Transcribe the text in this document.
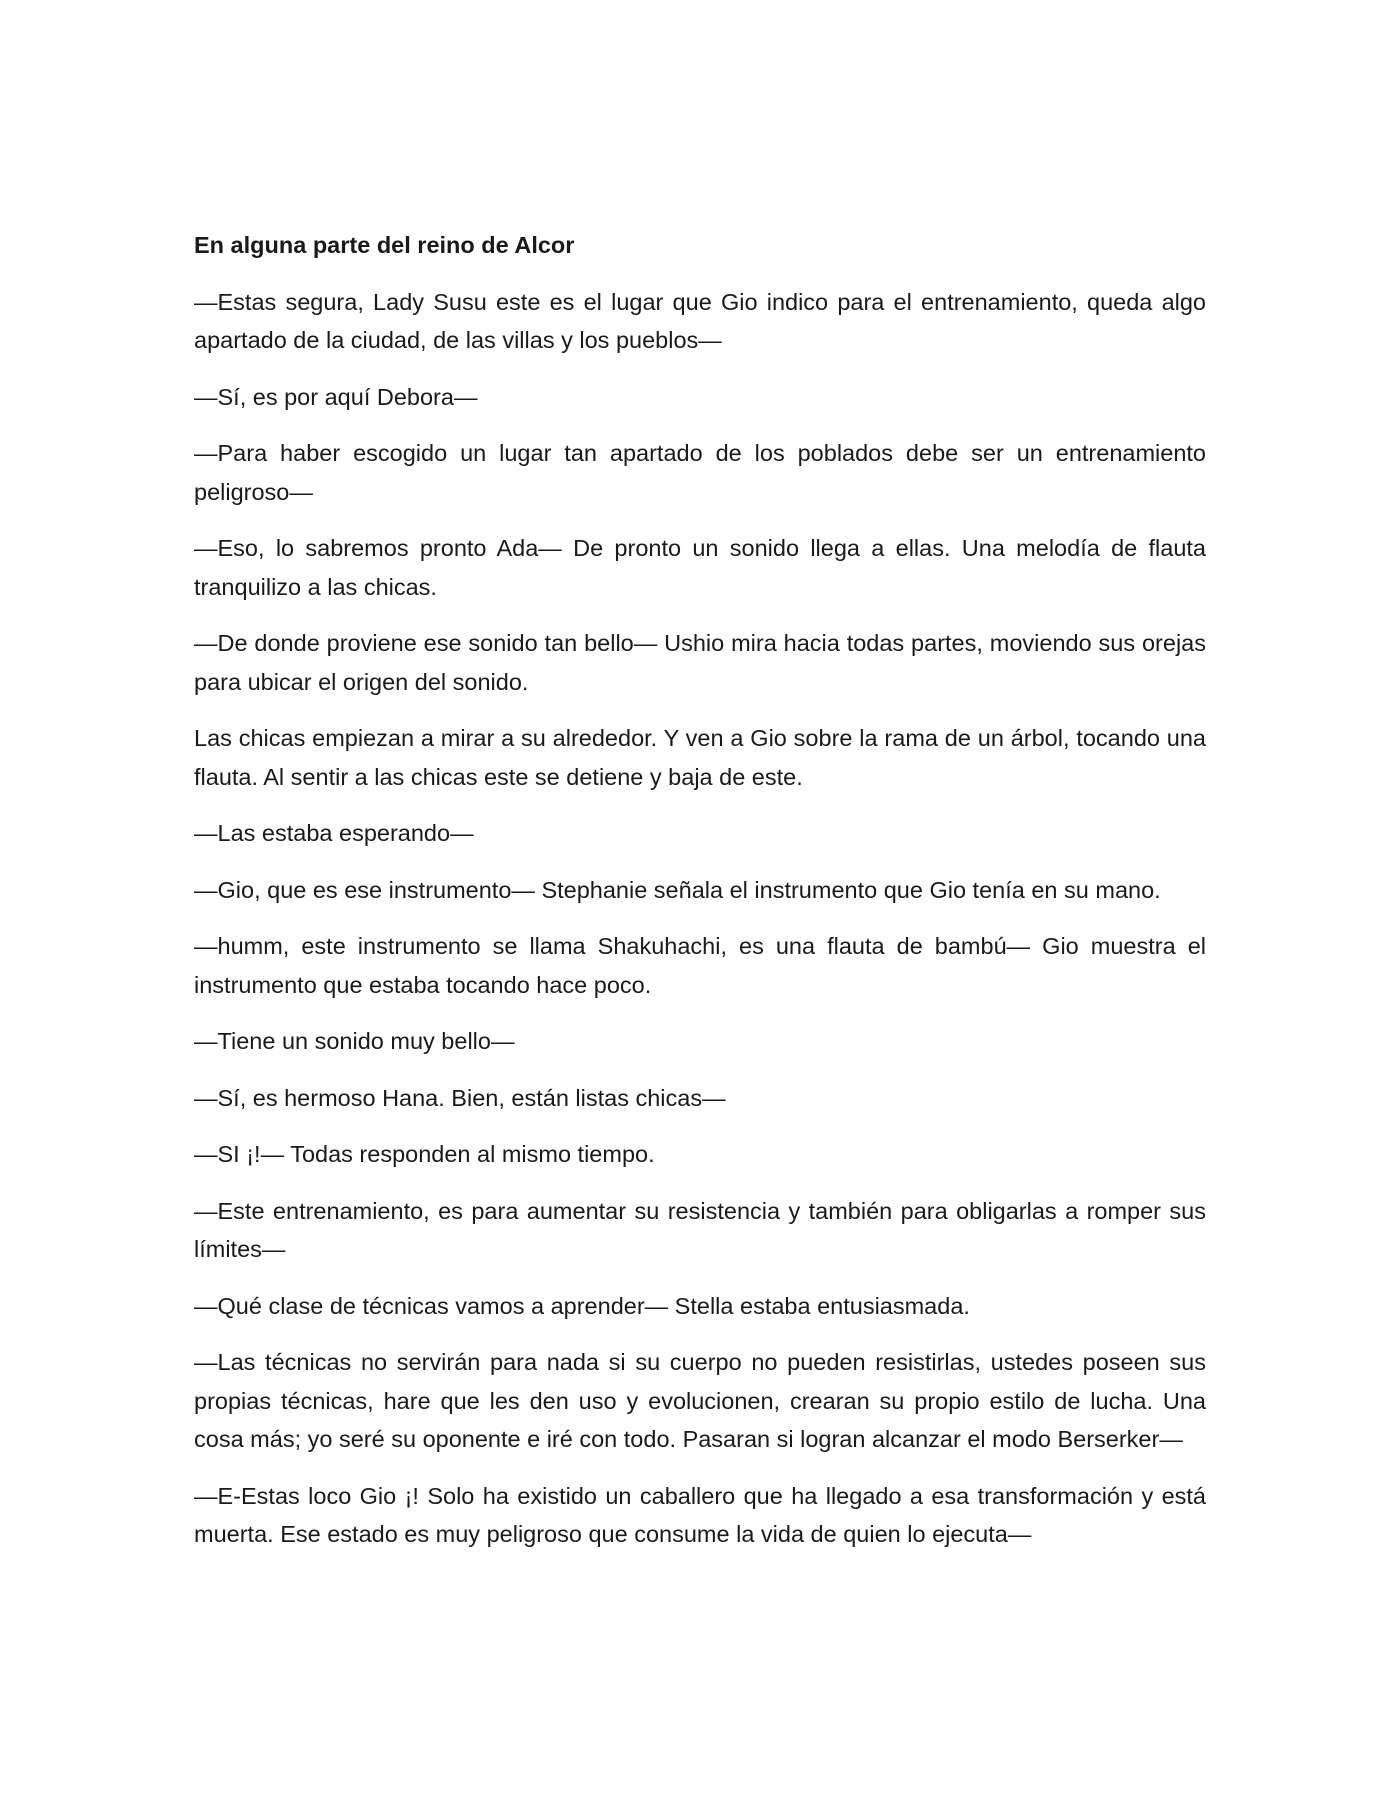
En alguna parte del reino de Alcor

—Estas segura, Lady Susu este es el lugar que Gio indico para el entrenamiento, queda algo apartado de la ciudad, de las villas y los pueblos—

—Sí, es por aquí Debora—

—Para haber escogido un lugar tan apartado de los poblados debe ser un entrenamiento peligroso—

—Eso, lo sabremos pronto Ada— De pronto un sonido llega a ellas. Una melodía de flauta tranquilizo a las chicas.

—De donde proviene ese sonido tan bello— Ushio mira hacia todas partes, moviendo sus orejas para ubicar el origen del sonido.

Las chicas empiezan a mirar a su alrededor. Y ven a Gio sobre la rama de un árbol, tocando una flauta. Al sentir a las chicas este se detiene y baja de este.

—Las estaba esperando—

—Gio, que es ese instrumento— Stephanie señala el instrumento que Gio tenía en su mano.

—humm, este instrumento se llama Shakuhachi, es una flauta de bambú— Gio muestra el instrumento que estaba tocando hace poco.

—Tiene un sonido muy bello—

—Sí, es hermoso Hana. Bien, están listas chicas—

—SI ¡!— Todas responden al mismo tiempo.

—Este entrenamiento, es para aumentar su resistencia y también para obligarlas a romper sus límites—

—Qué clase de técnicas vamos a aprender— Stella estaba entusiasmada.

—Las técnicas no servirán para nada si su cuerpo no pueden resistirlas, ustedes poseen sus propias técnicas, hare que les den uso y evolucionen, crearan su propio estilo de lucha. Una cosa más; yo seré su oponente e iré con todo. Pasaran si logran alcanzar el modo Berserker—

—E-Estas loco Gio ¡! Solo ha existido un caballero que ha llegado a esa transformación y está muerta. Ese estado es muy peligroso que consume la vida de quien lo ejecuta—
